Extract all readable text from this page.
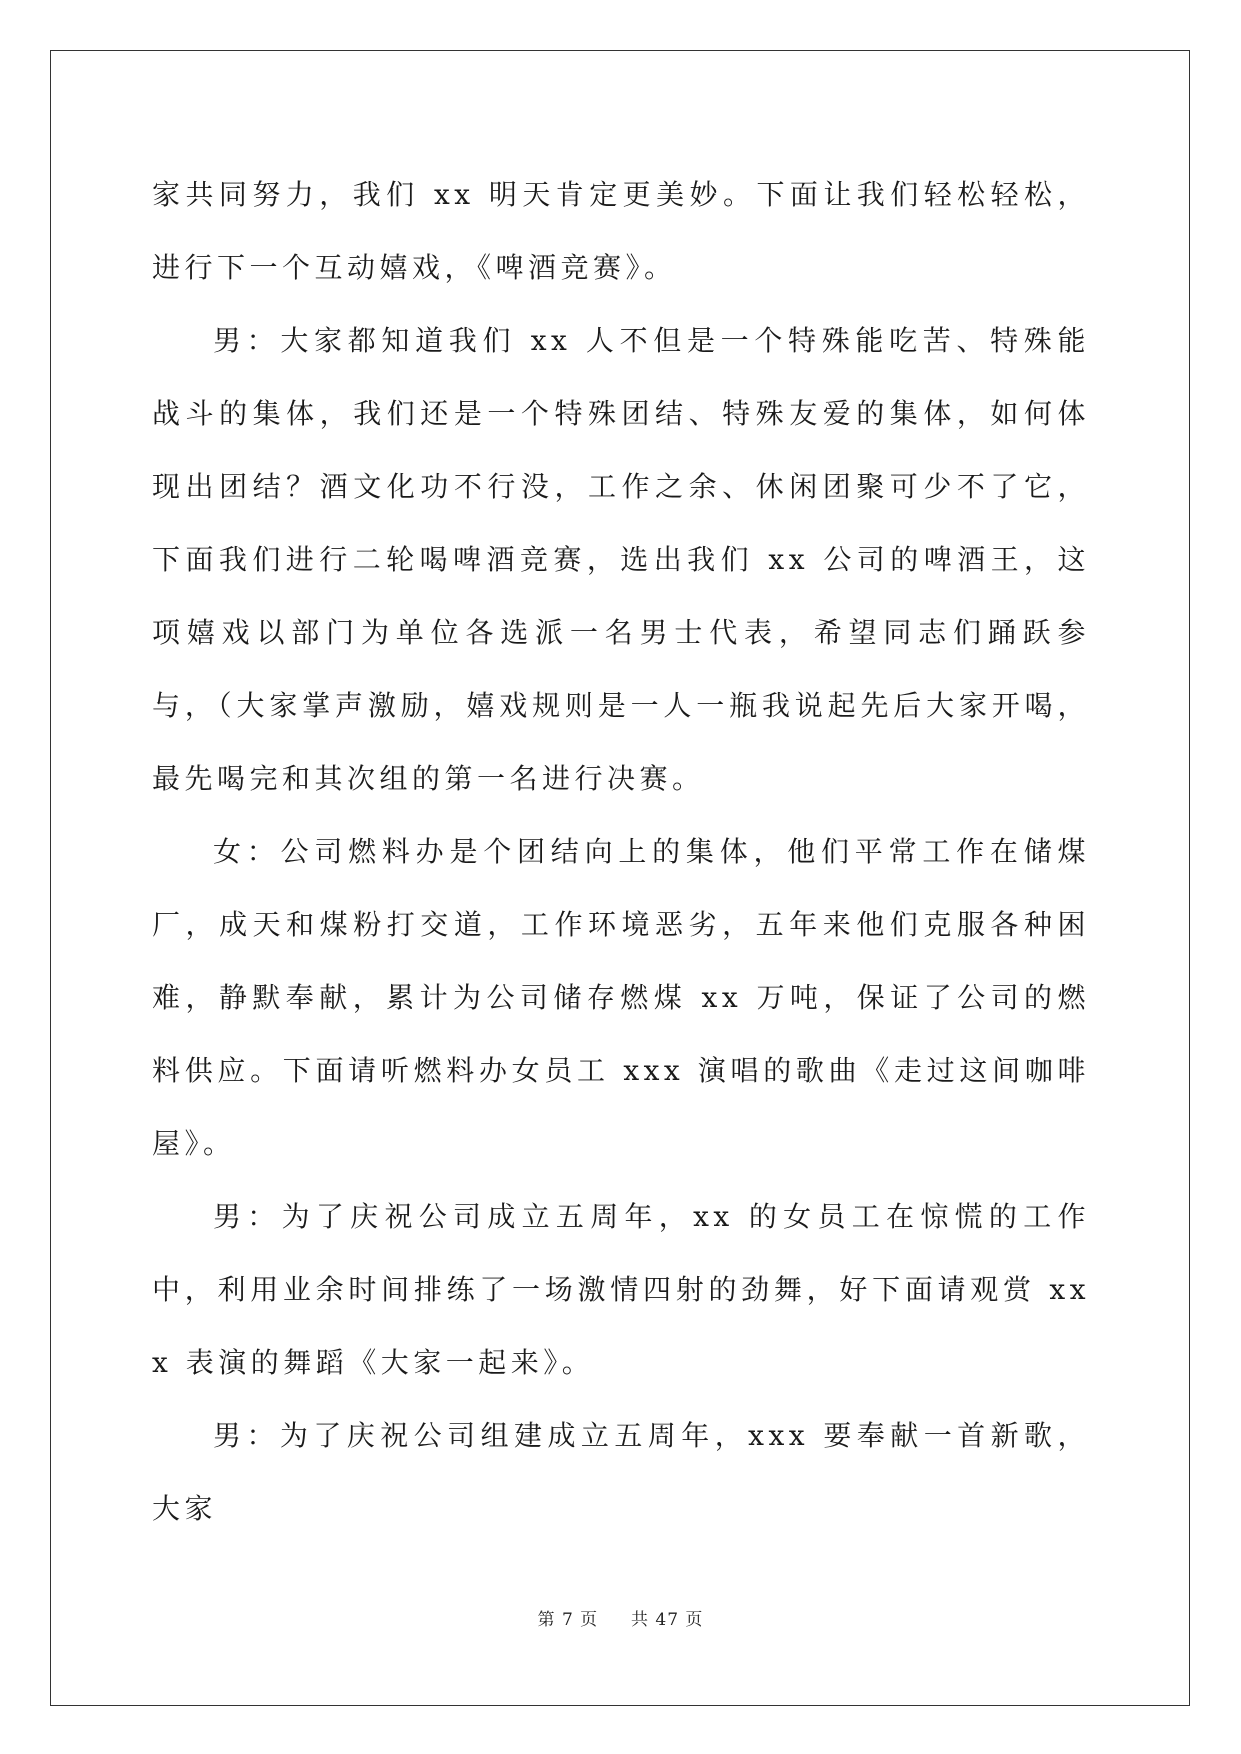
家共同努力，我们 xx 明天肯定更美妙。下面让我们轻松轻松，进行下一个互动嬉戏，《啤酒竞赛》。

男：大家都知道我们 xx 人不但是一个特殊能吃苦、特殊能战斗的集体，我们还是一个特殊团结、特殊友爱的集体，如何体现出团结？酒文化功不行没，工作之余、休闲团聚可少不了它，下面我们进行二轮喝啤酒竞赛，选出我们 xx 公司的啤酒王，这项嬉戏以部门为单位各选派一名男士代表，希望同志们踊跃参与，（大家掌声激励，嬉戏规则是一人一瓶我说起先后大家开喝，最先喝完和其次组的第一名进行决赛。

女：公司燃料办是个团结向上的集体，他们平常工作在储煤厂，成天和煤粉打交道，工作环境恶劣，五年来他们克服各种困难，静默奉献，累计为公司储存燃煤 xx 万吨，保证了公司的燃料供应。下面请听燃料办女员工 xxx 演唱的歌曲《走过这间咖啡屋》。

男：为了庆祝公司成立五周年，xx 的女员工在惊慌的工作中，利用业余时间排练了一场激情四射的劲舞，好下面请观赏 xxx 表演的舞蹈《大家一起来》。

男：为了庆祝公司组建成立五周年，xxx 要奉献一首新歌，大家

第 7 页 共 47 页
